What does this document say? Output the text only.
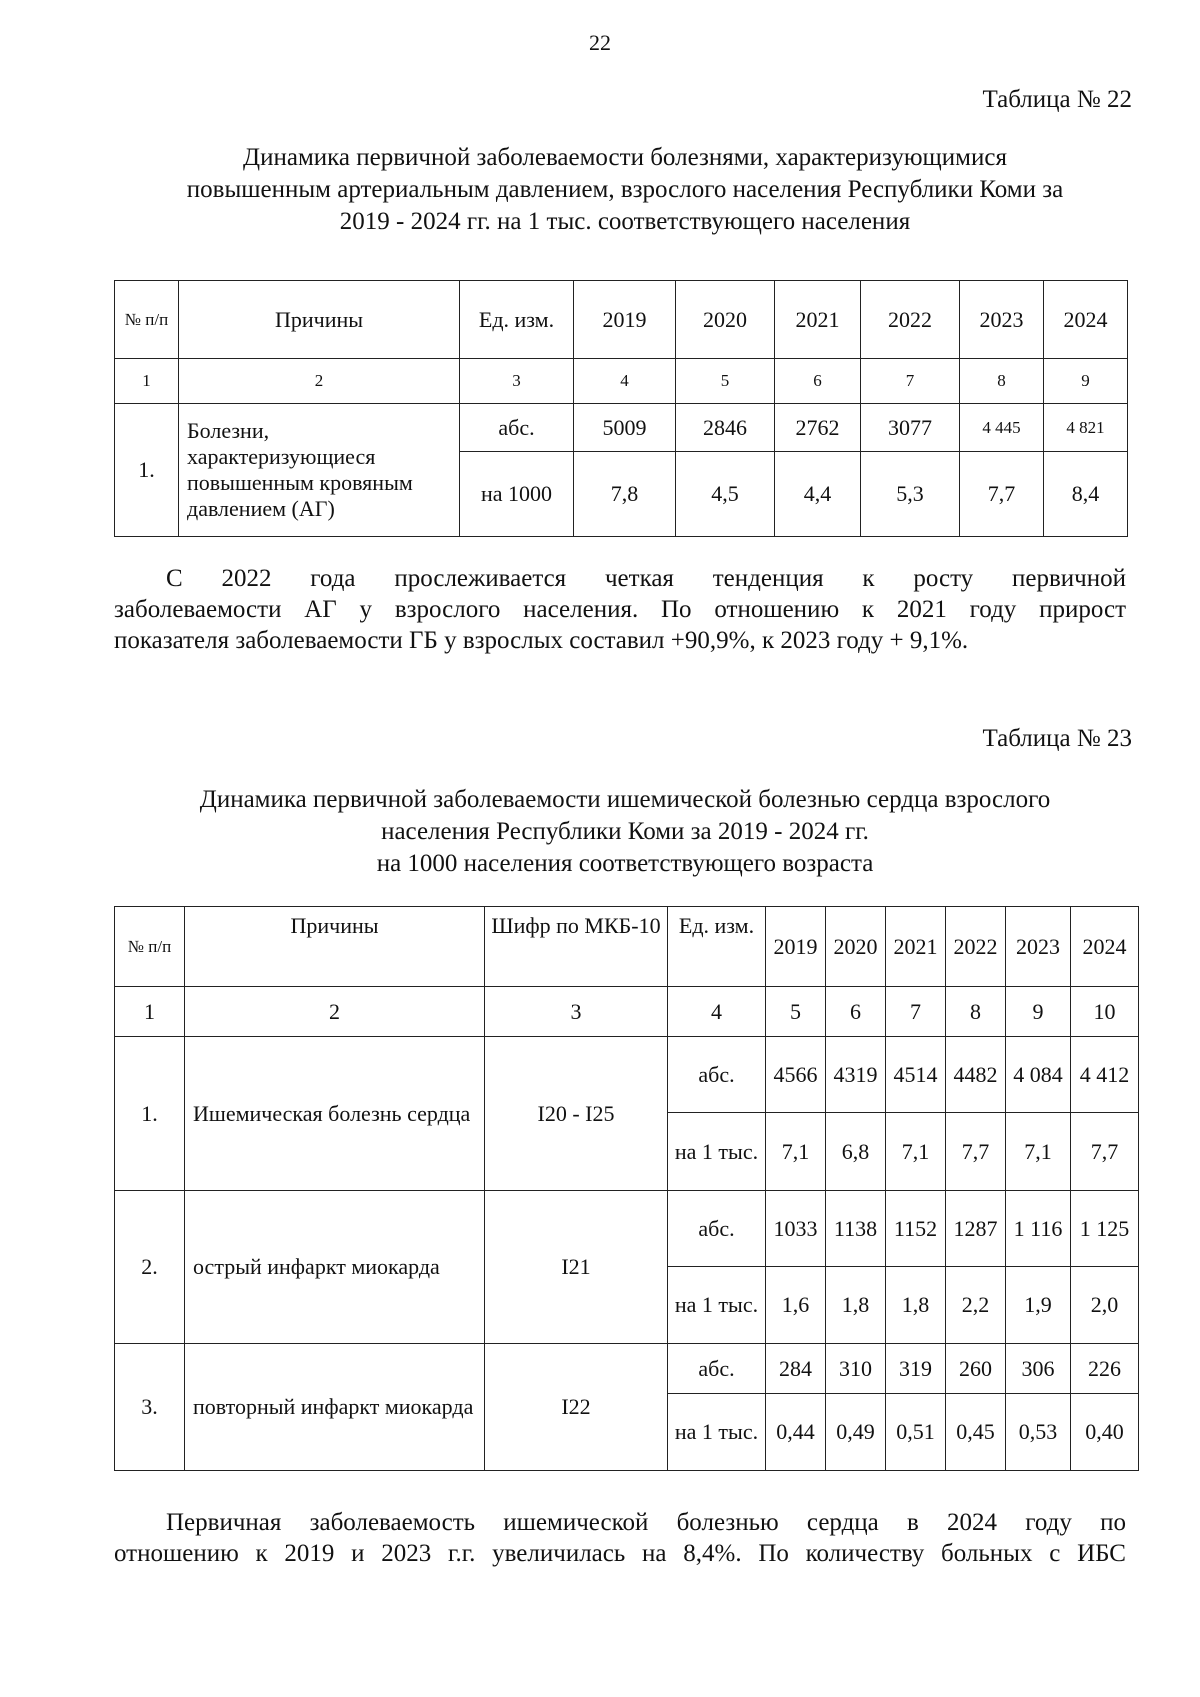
22
Таблица № 22
Динамика первичной заболеваемости болезнями, характеризующимися
повышенным артериальным давлением, взрослого населения Республики Коми за
2019 - 2024 гг. на 1 тыс. соответствующего населения
№ п/п	Причины	Ед. изм.	2019	2020	2021	2022	2023	2024
1	2	3	4	5	6	7	8	9
1.	Болезни, характеризующиеся повышенным кровяным давлением (АГ)	абс.	5009	2846	2762	3077	4 445	4 821
		на 1000	7,8	4,5	4,4	5,3	7,7	8,4
С 2022 года прослеживается четкая тенденция к росту первичной
заболеваемости АГ у взрослого населения. По отношению к 2021 году прирост
показателя заболеваемости ГБ у взрослых составил +90,9%, к 2023 году + 9,1%.
Таблица № 23
Динамика первичной заболеваемости ишемической болезнью сердца взрослого
населения Республики Коми за 2019 - 2024 гг.
на 1000 населения соответствующего возраста
№ п/п	Причины	Шифр по МКБ-10	Ед. изм.	2019	2020	2021	2022	2023	2024
1	2	3	4	5	6	7	8	9	10
1.	Ишемическая болезнь сердца	I20 - I25	абс.	4566	4319	4514	4482	4 084	4 412
			на 1 тыс.	7,1	6,8	7,1	7,7	7,1	7,7
2.	острый инфаркт миокарда	I21	абс.	1033	1138	1152	1287	1 116	1 125
			на 1 тыс.	1,6	1,8	1,8	2,2	1,9	2,0
3.	повторный инфаркт миокарда	I22	абс.	284	310	319	260	306	226
			на 1 тыс.	0,44	0,49	0,51	0,45	0,53	0,40
Первичная заболеваемость ишемической болезнью сердца в 2024 году по
отношению к 2019 и 2023 г.г. увеличилась на 8,4%. По количеству больных с ИБС
